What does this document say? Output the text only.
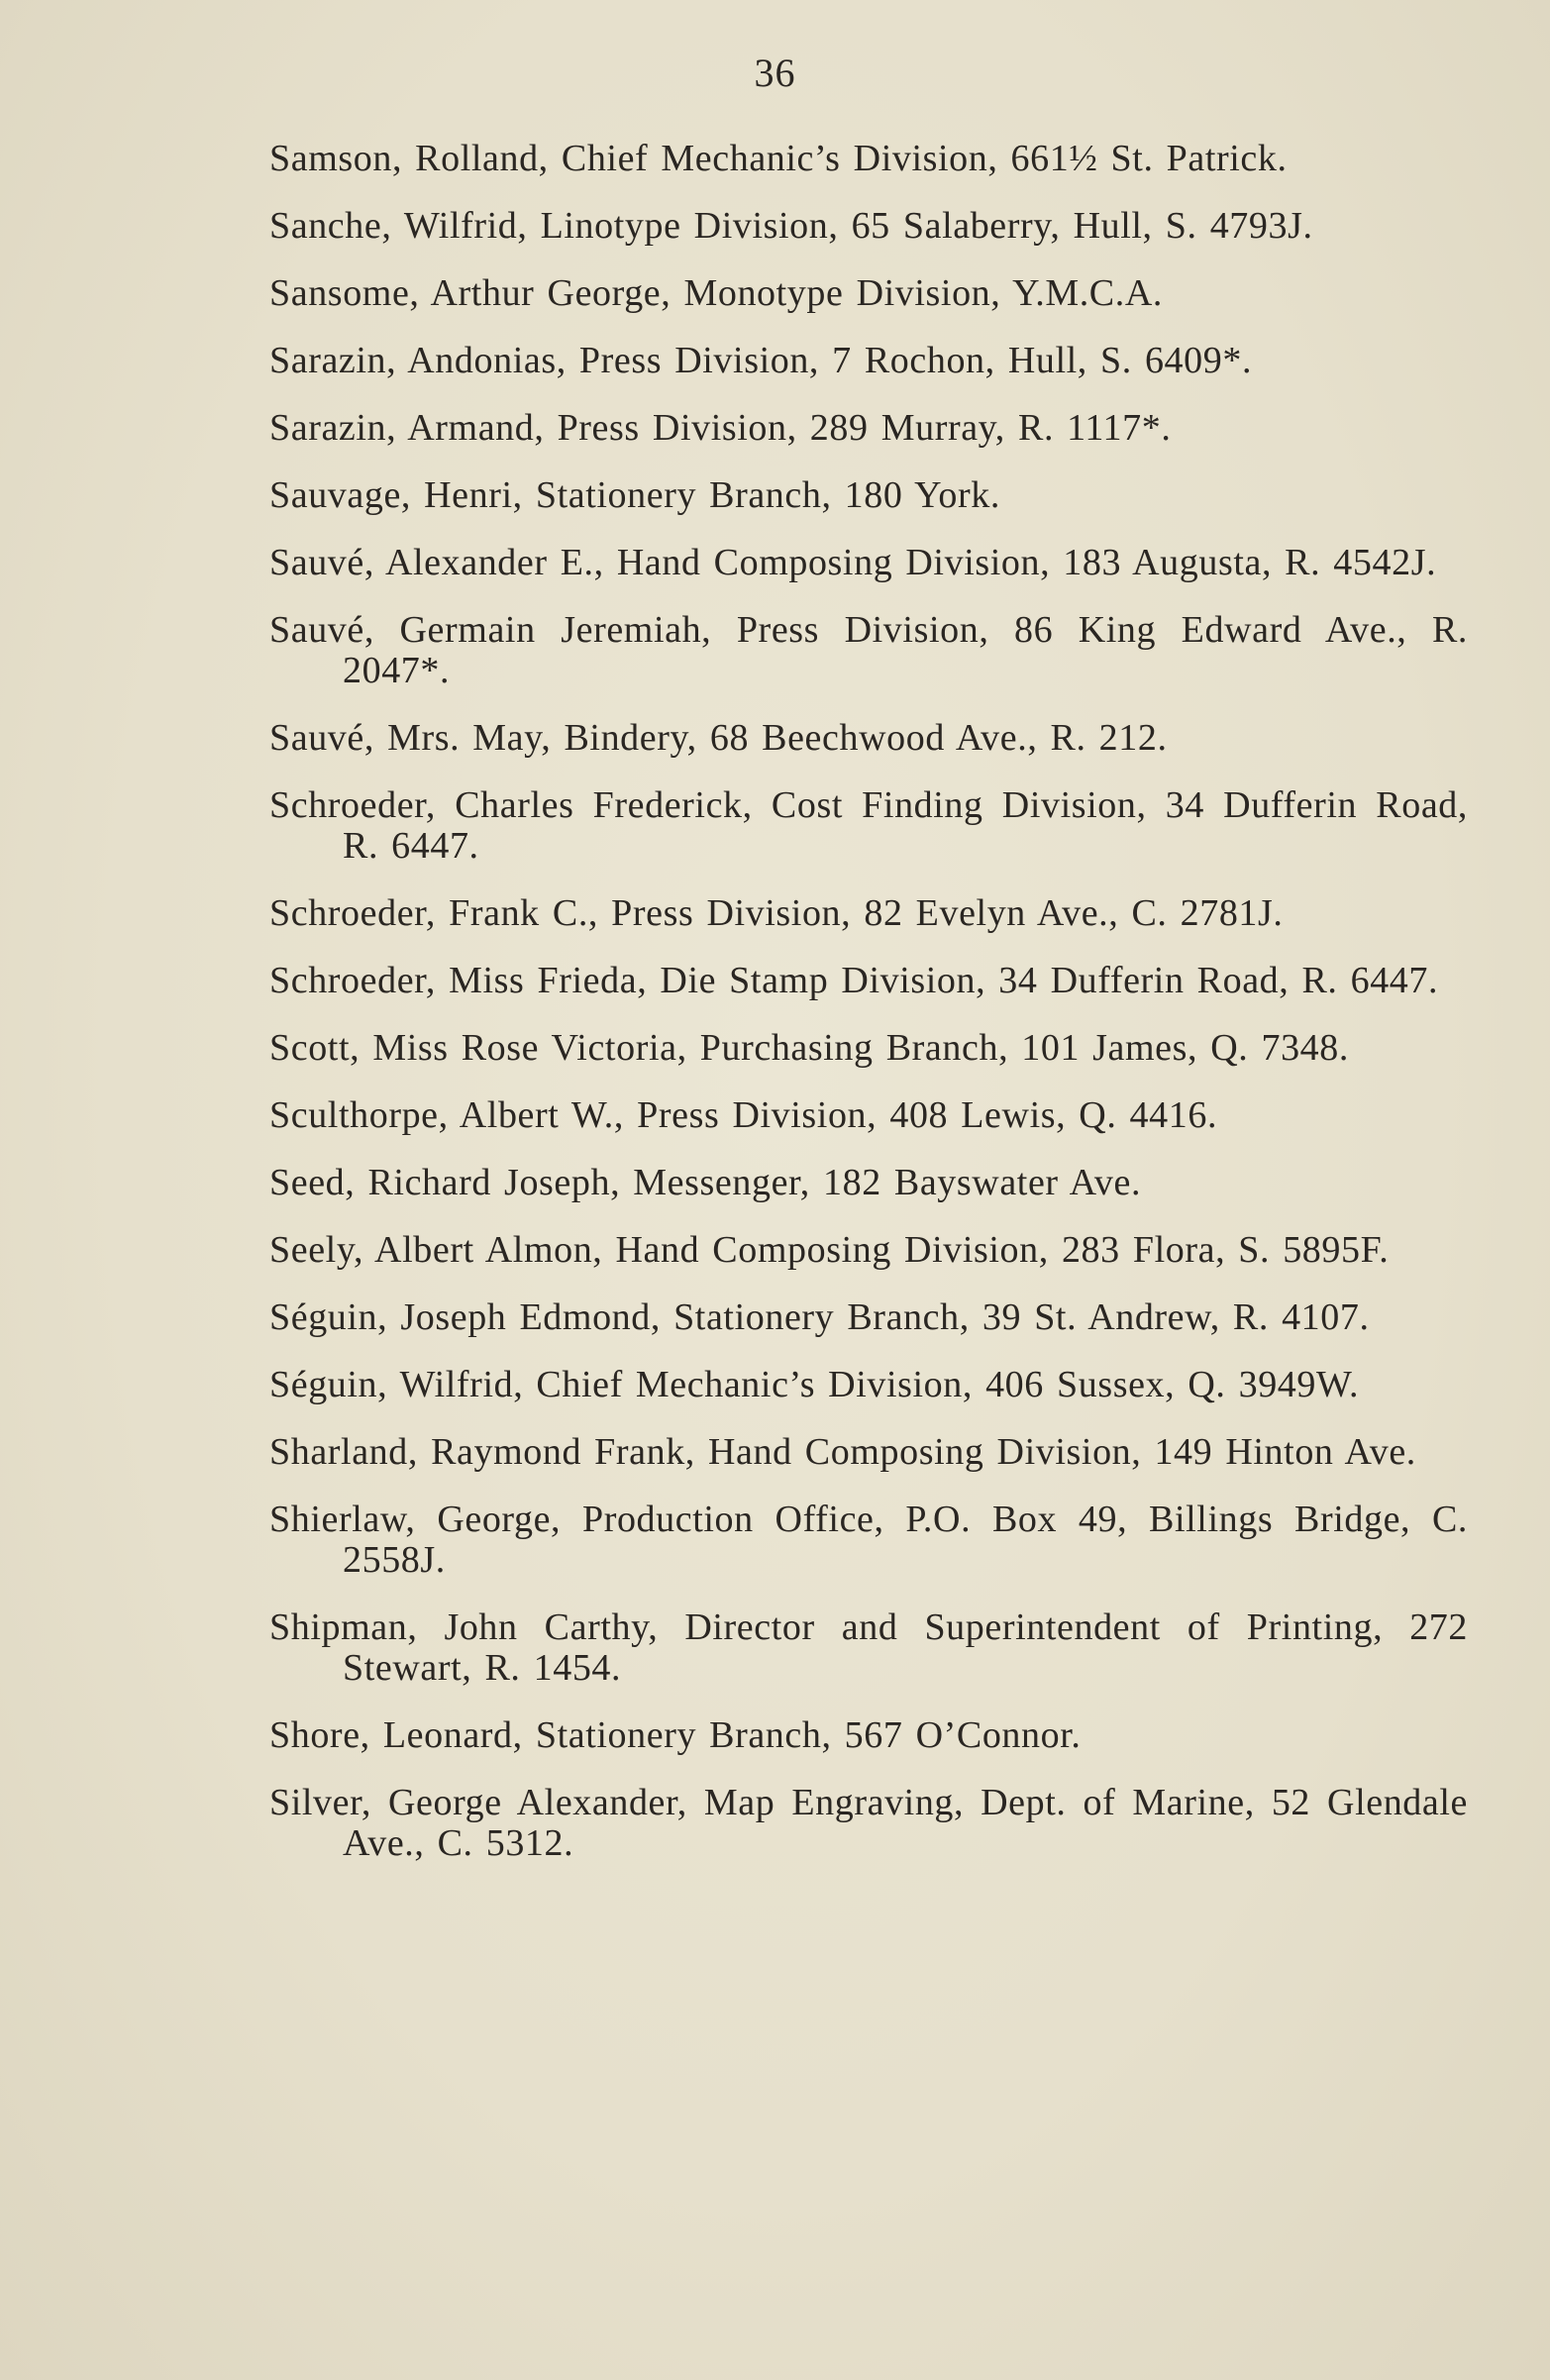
36
Samson, Rolland, Chief Mechanic’s Division, 661½ St. Patrick.
Sanche, Wilfrid, Linotype Division, 65 Salaberry, Hull, S. 4793J.
Sansome, Arthur George, Monotype Division, Y.M.C.A.
Sarazin, Andonias, Press Division, 7 Rochon, Hull, S. 6409*.
Sarazin, Armand, Press Division, 289 Murray, R. 1117*.
Sauvage, Henri, Stationery Branch, 180 York.
Sauvé, Alexander E., Hand Composing Division, 183 Augusta, R. 4542J.
Sauvé, Germain Jeremiah, Press Division, 86 King Edward Ave., R. 2047*.
Sauvé, Mrs. May, Bindery, 68 Beechwood Ave., R. 212.
Schroeder, Charles Frederick, Cost Finding Division, 34 Dufferin Road, R. 6447.
Schroeder, Frank C., Press Division, 82 Evelyn Ave., C. 2781J.
Schroeder, Miss Frieda, Die Stamp Division, 34 Dufferin Road, R. 6447.
Scott, Miss Rose Victoria, Purchasing Branch, 101 James, Q. 7348.
Sculthorpe, Albert W., Press Division, 408 Lewis, Q. 4416.
Seed, Richard Joseph, Messenger, 182 Bayswater Ave.
Seely, Albert Almon, Hand Composing Division, 283 Flora, S. 5895F.
Séguin, Joseph Edmond, Stationery Branch, 39 St. Andrew, R. 4107.
Séguin, Wilfrid, Chief Mechanic’s Division, 406 Sussex, Q. 3949W.
Sharland, Raymond Frank, Hand Composing Division, 149 Hinton Ave.
Shierlaw, George, Production Office, P.O. Box 49, Billings Bridge, C. 2558J.
Shipman, John Carthy, Director and Superintendent of Printing, 272 Stewart, R. 1454.
Shore, Leonard, Stationery Branch, 567 O’Connor.
Silver, George Alexander, Map Engraving, Dept. of Marine, 52 Glendale Ave., C. 5312.
